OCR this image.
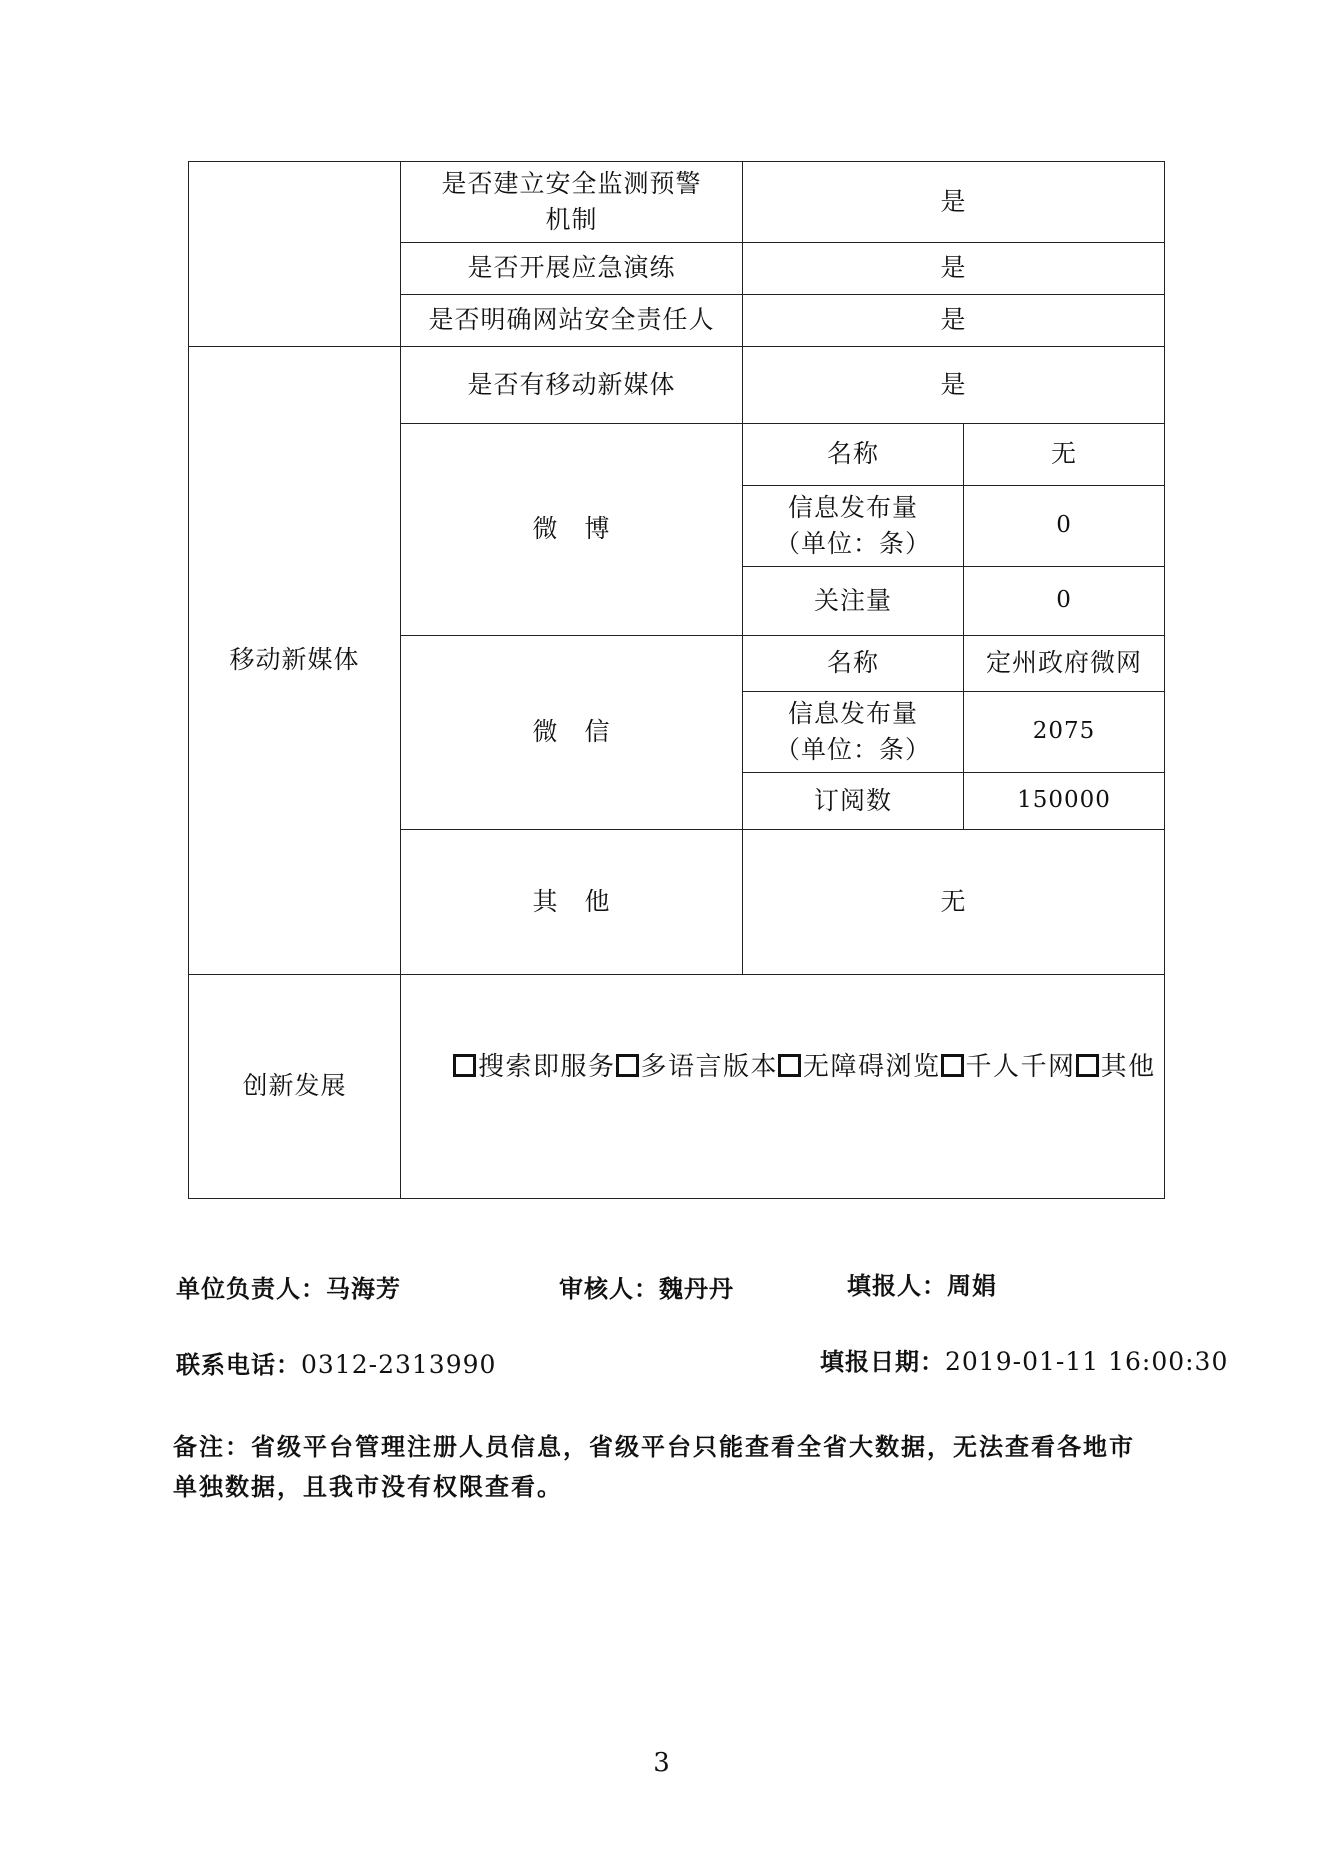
	是否建立安全监测预警
机制	是	
	是否开展应急演练	是	
	是否明确网站安全责任人	是	
移动新媒体	是否有移动新媒体	是	
	微　博	名称	无
		信息发布量
（单位：条）	0
		关注量	0
	微　信	名称	定州政府微网
		信息发布量
（单位：条）	2075
		订阅数	150000
	其　他	无	
创新发展	搜索即服务 多语言版本 无障碍浏览 千人千网 其他		
单位负责人：马海芳	审核人：魏丹丹	填报人：周娟
联系电话：0312-2313990	填报日期：2019-01-11 16:00:30
备注：省级平台管理注册人员信息，省级平台只能查看全省大数据，无法查看各地市单独数据，且我市没有权限查看。
3
